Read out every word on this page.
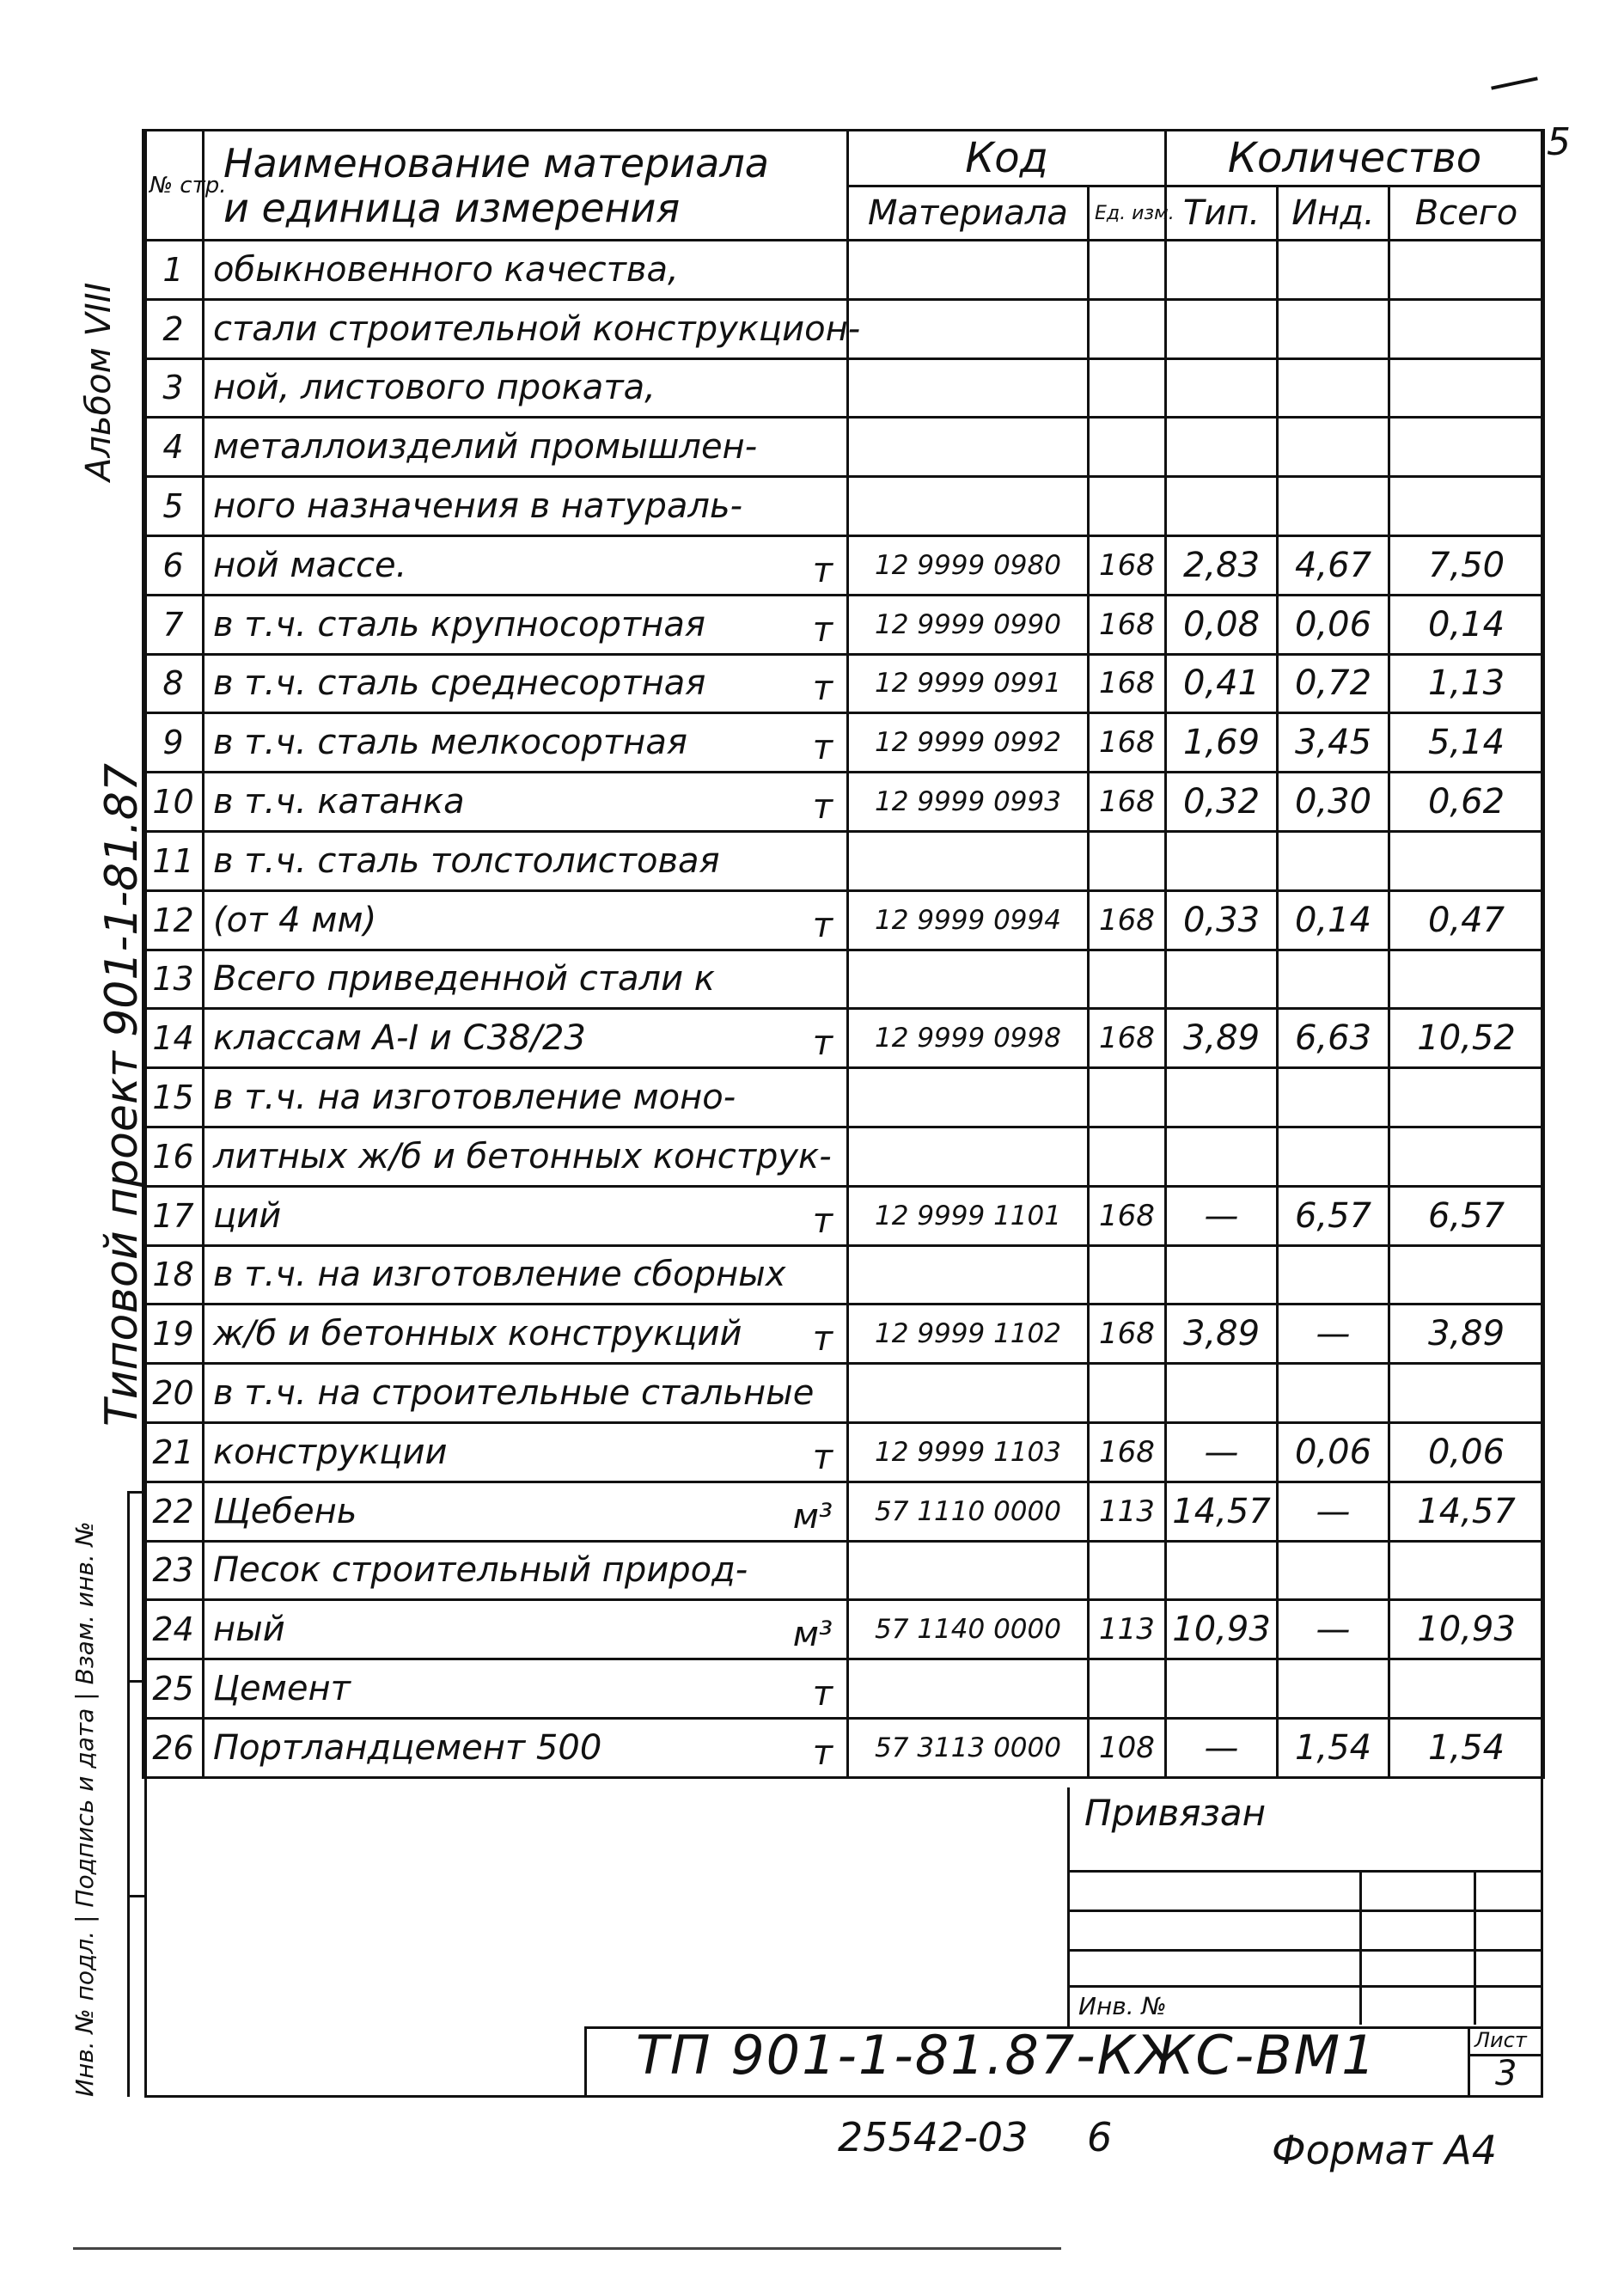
5
Альбом VIII
Типовой проект 901-1-81.87
Инв. № подл. | Подпись и дата | Взам. инв. №
№ стр.	Наименование материала
и единица измерения	Код		Количество		
		Материала	Ед. изм.	Тип.	Инд.	Всего
1	обыкновенного качества,

2	стали строительной конструкцион-

3	ной, листового проката,

4	металлоизделий промышлен-

5	ного назначения в натураль-

6	ной массе. т	12 9999 0980	168	2,83	4,67	7,50
7	в т.ч. сталь крупносортная т	12 9999 0990	168	0,08	0,06	0,14
8	в т.ч. сталь среднесортная т	12 9999 0991	168	0,41	0,72	1,13
9	в т.ч. сталь мелкосортная т	12 9999 0992	168	1,69	3,45	5,14
10	в т.ч. катанка т	12 9999 0993	168	0,32	0,30	0,62
11	в т.ч. сталь толстолистовая

12	(от 4 мм) т	12 9999 0994	168	0,33	0,14	0,47
13	Всего приведенной стали к

14	классам А-I и С38/23 т	12 9999 0998	168	3,89	6,63	10,52
15	в т.ч. на изготовление моно-

16	литных ж/б и бетонных конструк-

17	ций т	12 9999 1101	168	—	6,57	6,57
18	в т.ч. на изготовление сборных

19	ж/б и бетонных конструкций т	12 9999 1102	168	3,89	—	3,89
20	в т.ч. на строительные стальные

21	конструкции т	12 9999 1103	168	—	0,06	0,06
22	Щебень м³	57 1110 0000	113	14,57	—	14,57
23	Песок строительный природ-

24	ный м³	57 1140 0000	113	10,93	—	10,93
25	Цемент т					

26	Портландцемент 500 т	57 3113 0000	108	—	1,54	1,54
Привязан
Инв. №
ТП 901-1-81.87-КЖС-ВМ1	Лист
3
25542-03 6	Формат А4
